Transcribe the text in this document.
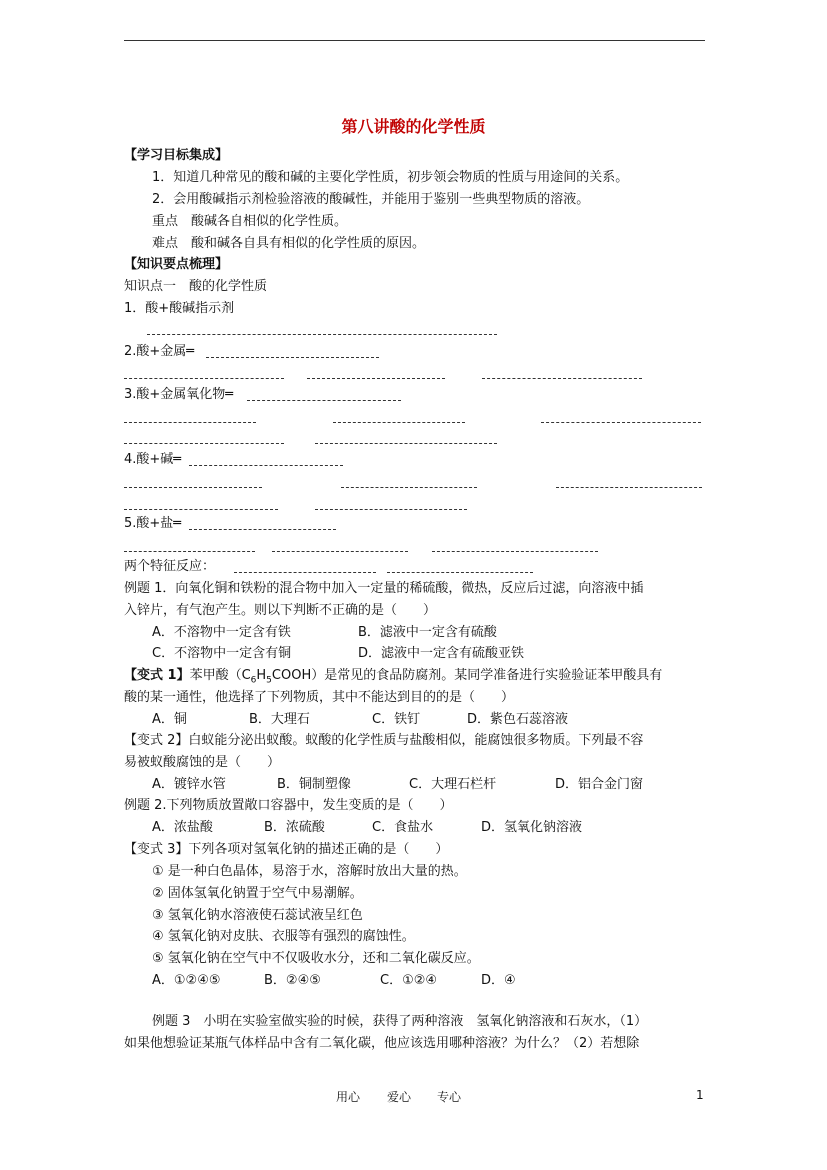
第八讲酸的化学性质
【学习目标集成】
1．知道几种常见的酸和碱的主要化学性质，初步领会物质的性质与用途间的关系。
2．会用酸碱指示剂检验溶液的酸碱性，并能用于鉴别一些典型物质的溶液。
重点　酸碱各自相似的化学性质。
难点　酸和碱各自具有相似的化学性质的原因。
【知识要点梳理】
知识点一　酸的化学性质
1．酸+酸碱指示剂
2.酸+金属═
3.酸+金属氧化物═
4.酸+碱═
5.酸+盐═
两个特征反应：
例题 1．向氧化铜和铁粉的混合物中加入一定量的稀硫酸，微热，反应后过滤，向溶液中插
入锌片，有气泡产生。则以下判断不正确的是（　　）
A．不溶物中一定含有铁	B．滤液中一定含有硫酸
C．不溶物中一定含有铜	D．滤液中一定含有硫酸亚铁
【变式 1】苯甲酸$(C_6H_5COOH)$是常见的食品防腐剂。某同学准备进行实验验证苯甲酸具有
酸的某一通性，他选择了下列物质，其中不能达到目的的是（　　）
A．铜	B．大理石	C．铁钉	D．紫色石蕊溶液
【变式 2】白蚁能分泌出蚁酸。蚁酸的化学性质与盐酸相似，能腐蚀很多物质。下列最不容
易被蚁酸腐蚀的是（　　）
A．镀锌水管	B．铜制塑像	C．大理石栏杆	D．铝合金门窗
例题 2.下列物质放置敞口容器中，发生变质的是（　　）
A．浓盐酸	B．浓硫酸	C．食盐水	D．氢氧化钠溶液
【变式 3】下列各项对氢氧化钠的描述正确的是（　　）
① 是一种白色晶体，易溶于水，溶解时放出大量的热。
② 固体氢氧化钠置于空气中易潮解。
③ 氢氧化钠水溶液使石蕊试液呈红色
④ 氢氧化钠对皮肤、衣服等有强烈的腐蚀性。
⑤ 氢氧化钠在空气中不仅吸收水分，还和二氧化碳反应。
A．①②④⑤	B．②④⑤	C．①②④	D．④
例题 3　小明在实验室做实验的时候，获得了两种溶液　氢氧化钠溶液和石灰水，（1）
如果他想验证某瓶气体样品中含有二氧化碳，他应该选用哪种溶液？为什么？（2）若想除
用心 爱心 专心	1
